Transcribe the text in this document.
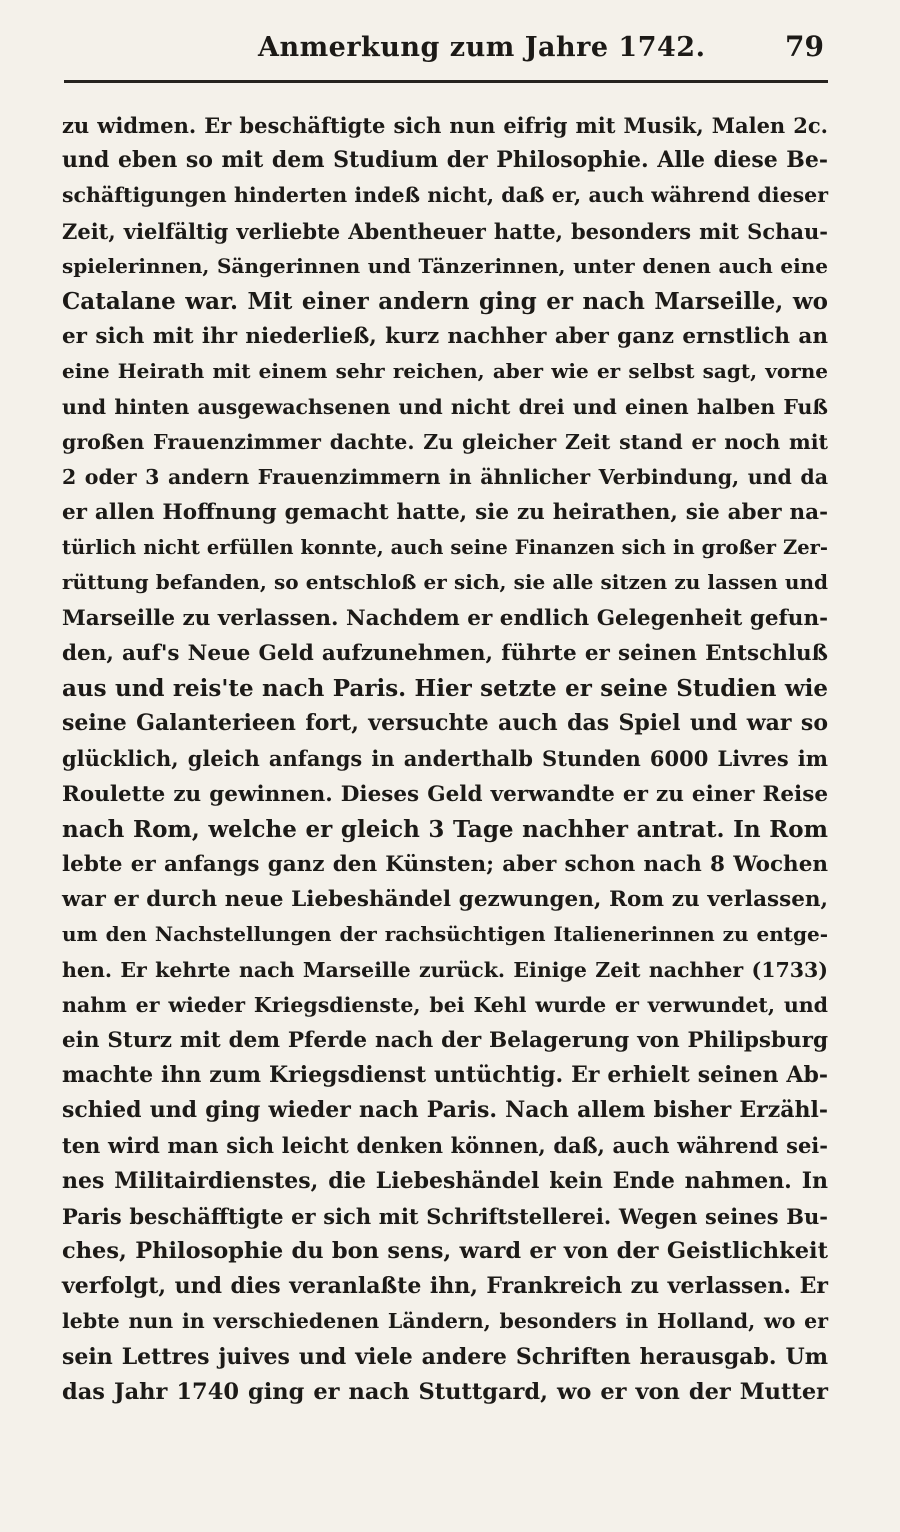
Anmerkung zum Jahre 1742.	79
zu widmen. Er beschäftigte sich nun eifrig mit Musik, Malen 2c.
und eben so mit dem Studium der Philosophie. Alle diese Be-
schäftigungen hinderten indeß nicht, daß er, auch während dieser
Zeit, vielfältig verliebte Abentheuer hatte, besonders mit Schau-
spielerinnen, Sängerinnen und Tänzerinnen, unter denen auch eine
Catalane war. Mit einer andern ging er nach Marseille, wo
er sich mit ihr niederließ, kurz nachher aber ganz ernstlich an
eine Heirath mit einem sehr reichen, aber wie er selbst sagt, vorne
und hinten ausgewachsenen und nicht drei und einen halben Fuß
großen Frauenzimmer dachte. Zu gleicher Zeit stand er noch mit
2 oder 3 andern Frauenzimmern in ähnlicher Verbindung, und da
er allen Hoffnung gemacht hatte, sie zu heirathen, sie aber na-
türlich nicht erfüllen konnte, auch seine Finanzen sich in großer Zer-
rüttung befanden, so entschloß er sich, sie alle sitzen zu lassen und
Marseille zu verlassen. Nachdem er endlich Gelegenheit gefun-
den, auf's Neue Geld aufzunehmen, führte er seinen Entschluß
aus und reis'te nach Paris. Hier setzte er seine Studien wie
seine Galanterieen fort, versuchte auch das Spiel und war so
glücklich, gleich anfangs in anderthalb Stunden 6000 Livres im
Roulette zu gewinnen. Dieses Geld verwandte er zu einer Reise
nach Rom, welche er gleich 3 Tage nachher antrat. In Rom
lebte er anfangs ganz den Künsten; aber schon nach 8 Wochen
war er durch neue Liebeshändel gezwungen, Rom zu verlassen,
um den Nachstellungen der rachsüchtigen Italienerinnen zu entge-
hen. Er kehrte nach Marseille zurück. Einige Zeit nachher (1733)
nahm er wieder Kriegsdienste, bei Kehl wurde er verwundet, und
ein Sturz mit dem Pferde nach der Belagerung von Philipsburg
machte ihn zum Kriegsdienst untüchtig. Er erhielt seinen Ab-
schied und ging wieder nach Paris. Nach allem bisher Erzähl-
ten wird man sich leicht denken können, daß, auch während sei-
nes Militairdienstes, die Liebeshändel kein Ende nahmen. In
Paris beschäfftigte er sich mit Schriftstellerei. Wegen seines Bu-
ches, Philosophie du bon sens, ward er von der Geistlichkeit
verfolgt, und dies veranlaßte ihn, Frankreich zu verlassen. Er
lebte nun in verschiedenen Ländern, besonders in Holland, wo er
sein Lettres juives und viele andere Schriften herausgab. Um
das Jahr 1740 ging er nach Stuttgard, wo er von der Mutter
